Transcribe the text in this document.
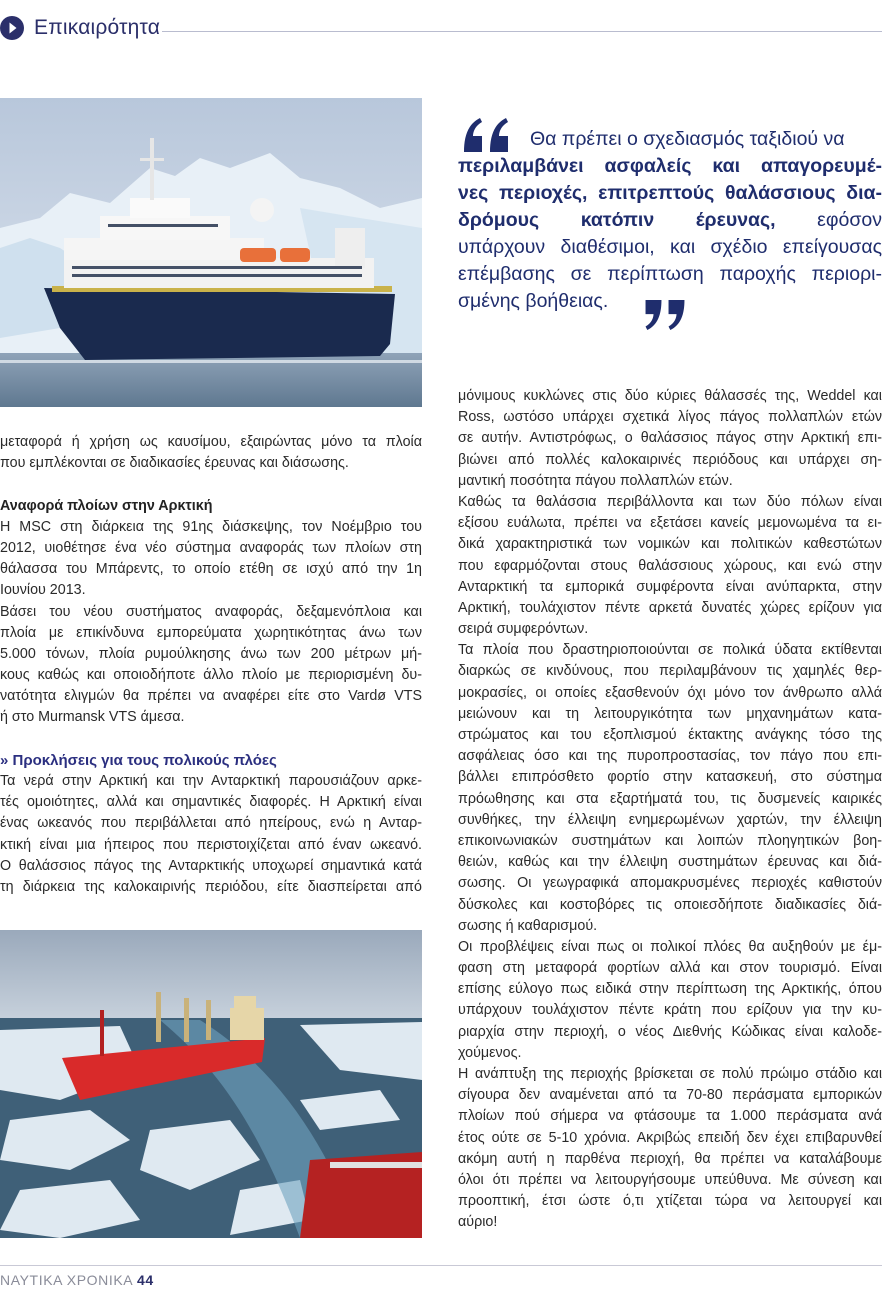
Επικαιρότητα
Θα πρέπει ο σχεδιασμός ταξιδιού να
περιλαμβάνει ασφαλείς και απαγορευμέ-
νες περιοχές, επιτρεπτούς θαλάσσιους δια-
δρόμους κατόπιν έρευνας, εφόσον
υπάρχουν διαθέσιμοι, και σχέδιο επείγουσας
επέμβασης σε περίπτωση παροχής περιορι-
σμένης βοήθειας.
μεταφορά ή χρήση ως καυσίμου, εξαιρώντας μόνο τα πλοία
που εμπλέκονται σε διαδικασίες έρευνας και διάσωσης.
Αναφορά πλοίων στην Αρκτική
Η MSC στη διάρκεια της 91ης διάσκεψης, τον Νοέμβριο του
2012, υιοθέτησε ένα νέο σύστημα αναφοράς των πλοίων στη
θάλασσα του Μπάρεντς, το οποίο ετέθη σε ισχύ από την 1η
Ιουνίου 2013.
Βάσει του νέου συστήματος αναφοράς, δεξαμενόπλοια και
πλοία με επικίνδυνα εμπορεύματα χωρητικότητας άνω των
5.000 τόνων, πλοία ρυμούλκησης άνω των 200 μέτρων μή-
κους καθώς και οποιοδήποτε άλλο πλοίο με περιορισμένη δυ-
νατότητα ελιγμών θα πρέπει να αναφέρει είτε στο Vardø VTS
ή στο Murmansk VTS άμεσα.
» Προκλήσεις για τους πολικούς πλόες
Τα νερά στην Αρκτική και την Ανταρκτική παρουσιάζουν αρκε-
τές ομοιότητες, αλλά και σημαντικές διαφορές. Η Αρκτική είναι
ένας ωκεανός που περιβάλλεται από ηπείρους, ενώ η Ανταρ-
κτική είναι μια ήπειρος που περιστοιχίζεται από έναν ωκεανό.
Ο θαλάσσιος πάγος της Ανταρκτικής υποχωρεί σημαντικά κατά
τη διάρκεια της καλοκαιρινής περιόδου, είτε διασπείρεται από
μόνιμους κυκλώνες στις δύο κύριες θάλασσές της, Weddel και
Ross, ωστόσο υπάρχει σχετικά λίγος πάγος πολλαπλών ετών
σε αυτήν. Αντιστρόφως, ο θαλάσσιος πάγος στην Αρκτική επι-
βιώνει από πολλές καλοκαιρινές περιόδους και υπάρχει ση-
μαντική ποσότητα πάγου πολλαπλών ετών.
Καθώς τα θαλάσσια περιβάλλοντα και των δύο πόλων είναι
εξίσου ευάλωτα, πρέπει να εξετάσει κανείς μεμονωμένα τα ει-
δικά χαρακτηριστικά των νομικών και πολιτικών καθεστώτων
που εφαρμόζονται στους θαλάσσιους χώρους, και ενώ στην
Ανταρκτική τα εμπορικά συμφέροντα είναι ανύπαρκτα, στην
Αρκτική, τουλάχιστον πέντε αρκετά δυνατές χώρες ερίζουν για
σειρά συμφερόντων.
Τα πλοία που δραστηριοποιούνται σε πολικά ύδατα εκτίθενται
διαρκώς σε κινδύνους, που περιλαμβάνουν τις χαμηλές θερ-
μοκρασίες, οι οποίες εξασθενούν όχι μόνο τον άνθρωπο αλλά
μειώνουν και τη λειτουργικότητα των μηχανημάτων κατα-
στρώματος και του εξοπλισμού έκτακτης ανάγκης τόσο της
ασφάλειας όσο και της πυροπροστασίας, τον πάγο που επι-
βάλλει επιπρόσθετο φορτίο στην κατασκευή, στο σύστημα
πρόωθησης και στα εξαρτήματά του, τις δυσμενείς καιρικές
συνθήκες, την έλλειψη ενημερωμένων χαρτών, την έλλειψη
επικοινωνιακών συστημάτων και λοιπών πλοηγητικών βοη-
θειών, καθώς και την έλλειψη συστημάτων έρευνας και διά-
σωσης. Οι γεωγραφικά απομακρυσμένες περιοχές καθιστούν
δύσκολες και κοστοβόρες τις οποιεσδήποτε διαδικασίες διά-
σωσης ή καθαρισμού.
Οι προβλέψεις είναι πως οι πολικοί πλόες θα αυξηθούν με έμ-
φαση στη μεταφορά φορτίων αλλά και στον τουρισμό. Είναι
επίσης εύλογο πως ειδικά στην περίπτωση της Αρκτικής, όπου
υπάρχουν τουλάχιστον πέντε κράτη που ερίζουν για την κυ-
ριαρχία στην περιοχή, ο νέος Διεθνής Κώδικας είναι καλοδε-
χούμενος.
Η ανάπτυξη της περιοχής βρίσκεται σε πολύ πρώιμο στάδιο και
σίγουρα δεν αναμένεται από τα 70-80 περάσματα εμπορικών
πλοίων πού σήμερα να φτάσουμε τα 1.000 περάσματα ανά
έτος ούτε σε 5-10 χρόνια. Ακριβώς επειδή δεν έχει επιβαρυνθεί
ακόμη αυτή η παρθένα περιοχή, θα πρέπει να καταλάβουμε
όλοι ότι πρέπει να λειτουργήσουμε υπεύθυνα. Με σύνεση και
προοπτική, έτσι ώστε ό,τι χτίζεται τώρα να λειτουργεί και
αύριο!
ΝΑΥΤΙΚΑ ΧΡΟΝΙΚΑ 44
